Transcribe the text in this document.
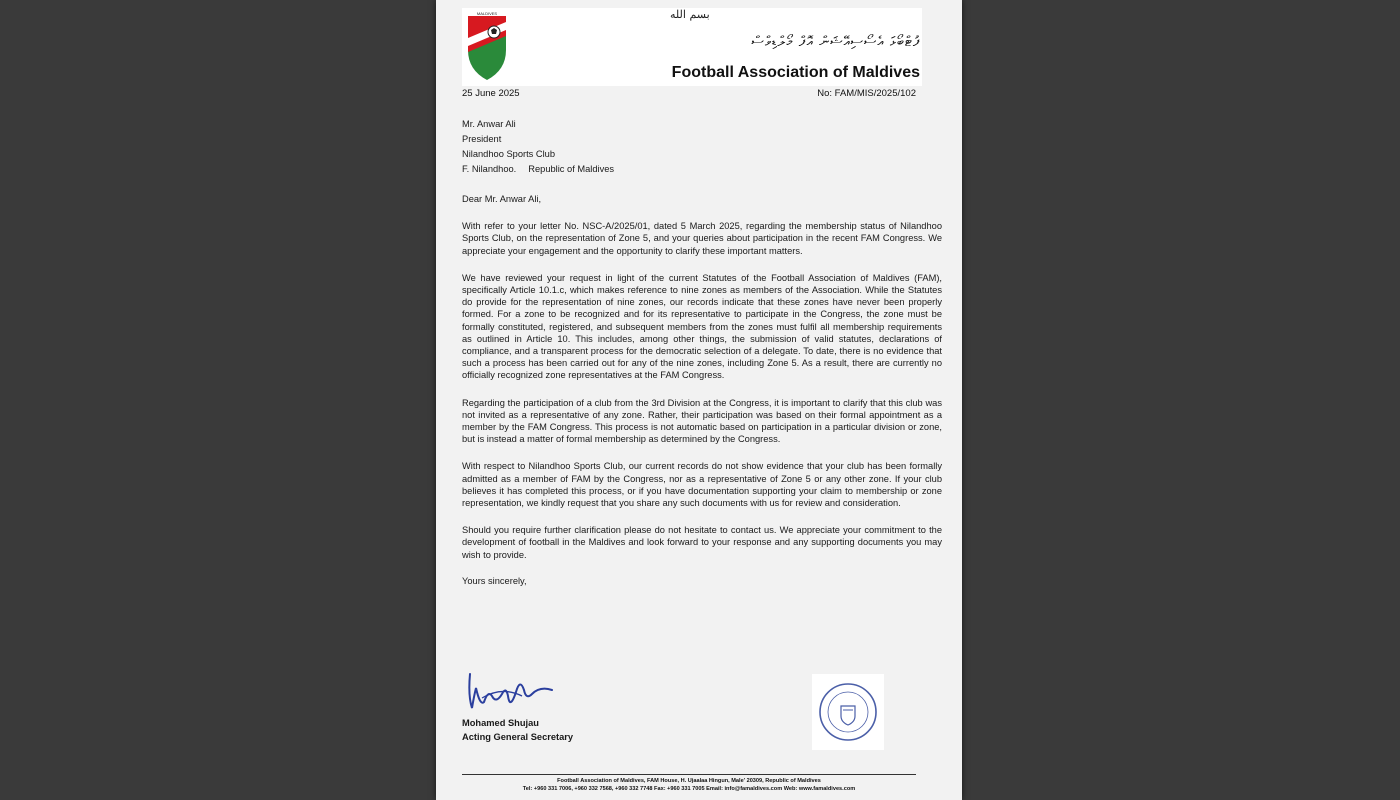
MALDIVES	بسم الله
ފުޓްބޯޅަ އެސޯސިއޭޝަން އޮފް މޯލްޑިވްސް
Football Association of Maldives
25 June 2025	No: FAM/MIS/2025/102
Mr. Anwar Ali
President
Nilandhoo Sports Club
F. Nilandhoo. Republic of Maldives
Dear Mr. Anwar Ali,
With refer to your letter No. NSC-A/2025/01, dated 5 March 2025, regarding the membership status of Nilandhoo Sports Club, on the representation of Zone 5, and your queries about participation in the recent FAM Congress. We appreciate your engagement and the opportunity to clarify these important matters.
We have reviewed your request in light of the current Statutes of the Football Association of Maldives (FAM), specifically Article 10.1.c, which makes reference to nine zones as members of the Association. While the Statutes do provide for the representation of nine zones, our records indicate that these zones have never been properly formed. For a zone to be recognized and for its representative to participate in the Congress, the zone must be formally constituted, registered, and subsequent members from the zones must fulfil all membership requirements as outlined in Article 10. This includes, among other things, the submission of valid statutes, declarations of compliance, and a transparent process for the democratic selection of a delegate. To date, there is no evidence that such a process has been carried out for any of the nine zones, including Zone 5. As a result, there are currently no officially recognized zone representatives at the FAM Congress.
Regarding the participation of a club from the 3rd Division at the Congress, it is important to clarify that this club was not invited as a representative of any zone. Rather, their participation was based on their formal appointment as a member by the FAM Congress. This process is not automatic based on participation in a particular division or zone, but is instead a matter of formal membership as determined by the Congress.
With respect to Nilandhoo Sports Club, our current records do not show evidence that your club has been formally admitted as a member of FAM by the Congress, nor as a representative of Zone 5 or any other zone. If your club believes it has completed this process, or if you have documentation supporting your claim to membership or zone representation, we kindly request that you share any such documents with us for review and consideration.
Should you require further clarification please do not hesitate to contact us. We appreciate your commitment to the development of football in the Maldives and look forward to your response and any supporting documents you may wish to provide.
Yours sincerely,
Mohamed Shujau
Acting General Secretary
Football Association of Maldives, FAM House, H. Ujaalaa Hingun, Male' 20309, Republic of Maldives
Tel: +960 331 7006, +960 332 7568, +960 332 7748 Fax: +960 331 7005 Email: info@famaldives.com Web: www.famaldives.com
